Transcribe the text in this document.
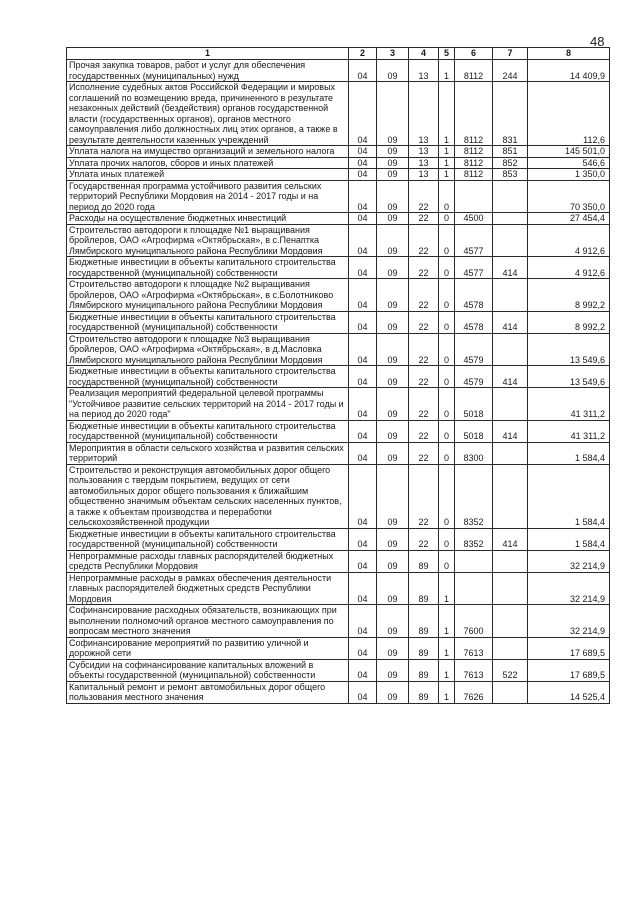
48
1	2	3	4	5	6	7	8
Прочая закупка товаров, работ и услуг для обеспечения государственных (муниципальных) нужд	04	09	13	1	8112	244	14 409,9
Исполнение судебных актов Российской Федерации и мировых соглашений по возмещению вреда, причиненного в результате незаконных действий (бездействия) органов государственной власти (государственных органов), органов местного самоуправления либо должностных лиц этих органов, а также в результате деятельности казенных учреждений	04	09	13	1	8112	831	112,6
Уплата налога на имущество организаций и земельного налога	04	09	13	1	8112	851	145 501,0
Уплата прочих налогов, сборов и иных платежей	04	09	13	1	8112	852	546,6
Уплата иных платежей	04	09	13	1	8112	853	1 350,0
Государственная программа устойчивого развития сельских территорий Республики Мордовия на 2014 - 2017 годы и на период до 2020 года	04	09	22	0			70 350,0
Расходы на осуществление бюджетных инвестиций	04	09	22	0	4500		27 454,4
Строительство автодороги к площадке №1 выращивания бройлеров, ОАО «Агрофирма «Октябрьская», в с.Пенаптка Лямбирского муниципального района Республики Мордовия	04	09	22	0	4577		4 912,6
Бюджетные инвестиции в объекты капитального строительства государственной (муниципальной) собственности	04	09	22	0	4577	414	4 912,6
Строительство автодороги к площадке №2 выращивания бройлеров, ОАО «Агрофирма «Октябрьская», в с.Болотниково Лямбирского муниципального района Республики Мордовия	04	09	22	0	4578		8 992,2
Бюджетные инвестиции в объекты капитального строительства государственной (муниципальной) собственности	04	09	22	0	4578	414	8 992,2
Строительство автодороги к площадке №3 выращивания бройлеров, ОАО «Агрофирма «Октябрьская», в д.Масловка Лямбирского муниципального района Республики Мордовия	04	09	22	0	4579		13 549,6
Бюджетные инвестиции в объекты капитального строительства государственной (муниципальной) собственности	04	09	22	0	4579	414	13 549,6
Реализация мероприятий федеральной целевой программы "Устойчивое развитие сельских территорий на 2014 - 2017 годы и на период до 2020 года"	04	09	22	0	5018		41 311,2
Бюджетные инвестиции в объекты капитального строительства государственной (муниципальной) собственности	04	09	22	0	5018	414	41 311,2
Мероприятия в области сельского хозяйства и развития сельских территорий	04	09	22	0	8300		1 584,4
Строительство и реконструкция автомобильных дорог общего пользования с твердым покрытием, ведущих от сети автомобильных дорог общего пользования к ближайшим общественно значимым объектам сельских населенных пунктов, а также к объектам производства и переработки сельскохозяйственной продукции	04	09	22	0	8352		1 584,4
Бюджетные инвестиции в объекты капитального строительства государственной (муниципальной) собственности	04	09	22	0	8352	414	1 584,4
Непрограммные расходы главных распорядителей бюджетных средств Республики Мордовия	04	09	89	0			32 214,9
Непрограммные расходы в рамках обеспечения деятельности главных распорядителей бюджетных средств Республики Мордовия	04	09	89	1			32 214,9
Софинансирование расходных обязательств, возникающих при выполнении полномочий органов местного самоуправления по вопросам местного значения	04	09	89	1	7600		32 214,9
Софинансирование мероприятий по развитию уличной и дорожной сети	04	09	89	1	7613		17 689,5
Субсидии на софинансирование капитальных вложений в объекты государственной (муниципальной) собственности	04	09	89	1	7613	522	17 689,5
Капитальный ремонт и ремонт автомобильных дорог общего пользования местного значения	04	09	89	1	7626		14 525,4
